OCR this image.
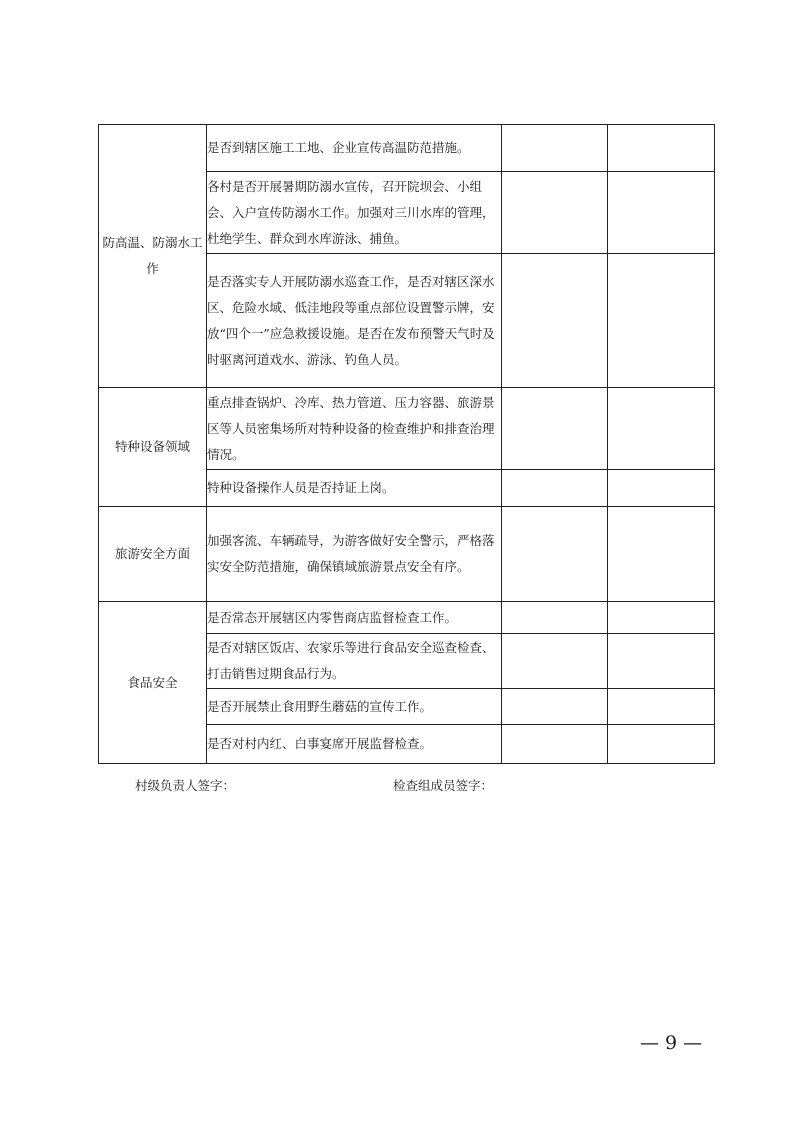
防高温、防溺水工作	是否到辖区施工工地、企业宣传高温防范措施。		
	各村是否开展暑期防溺水宣传，召开院坝会、小组会、入户宣传防溺水工作。加强对三川水库的管理，杜绝学生、群众到水库游泳、捕鱼。		
	是否落实专人开展防溺水巡查工作，是否对辖区深水区、危险水域、低洼地段等重点部位设置警示牌，安放“四个一”应急救援设施。是否在发布预警天气时及时驱离河道戏水、游泳、钓鱼人员。		
特种设备领域	重点排查锅炉、冷库、热力管道、压力容器、旅游景区等人员密集场所对特种设备的检查维护和排查治理情况。		
	特种设备操作人员是否持证上岗。		
旅游安全方面	加强客流、车辆疏导，为游客做好安全警示，严格落实安全防范措施，确保镇域旅游景点安全有序。		
食品安全	是否常态开展辖区内零售商店监督检查工作。		
	是否对辖区饭店、农家乐等进行食品安全巡查检查、打击销售过期食品行为。		
	是否开展禁止食用野生蘑菇的宣传工作。		
	是否对村内红、白事宴席开展监督检查。		
村级负责人签字：	检查组成员签字：
— 9 —
